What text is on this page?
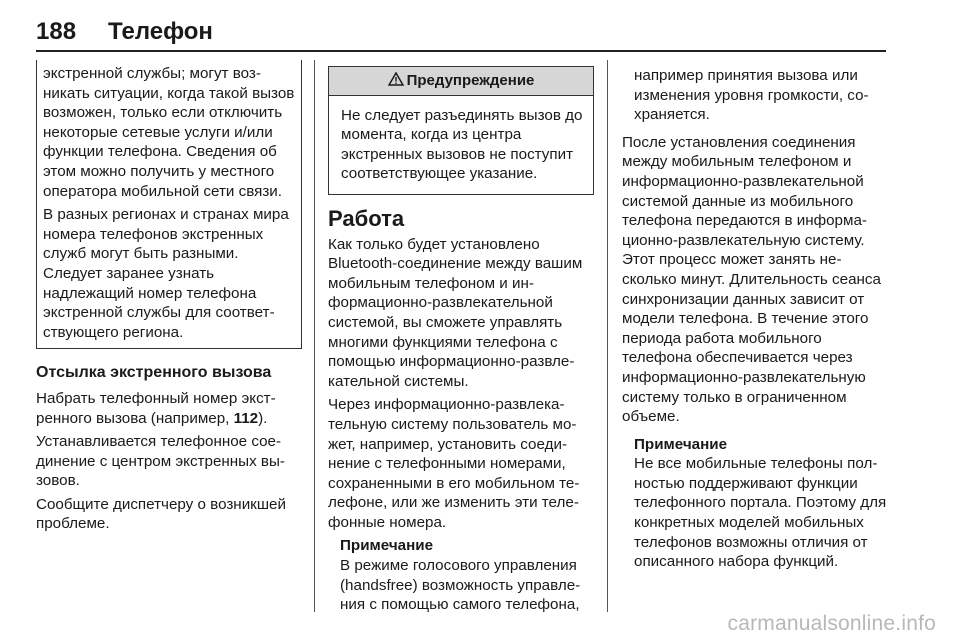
188 Телефон

экстренной службы; могут возникать ситуации, когда такой вызов возможен, только если отключить некоторые сетевые услуги и/или функции телефона. Сведения об этом можно получить у местного оператора мобильной сети связи.

В разных регионах и странах мира номера телефонов экстренных служб могут быть разными. Следует заранее узнать надлежащий номер телефона экстренной службы для соответствующего региона.

Отсылка экстренного вызова

Набрать телефонный номер экстренного вызова (например, 112).

Устанавливается телефонное соединение с центром экстренных вызовов.

Сообщите диспетчеру о возникшей проблеме.

Предупреждение
Не следует разъединять вызов до момента, когда из центра экстренных вызовов не поступит соответствующее указание.
Работа

Как только будет установлено Bluetooth-соединение между вашим мобильным телефоном и информационно-развлекательной системой, вы сможете управлять многими функциями телефона с помощью информационно-развлекательной системы.

Через информационно-развлекательную систему пользователь может, например, установить соединение с телефонными номерами, сохраненными в его мобильном телефоне, или же изменить эти телефонные номера.

Примечание
В режиме голосового управления (handsfree) возможность управления с помощью самого телефона,
например принятия вызова или изменения уровня громкости, сохраняется.

После установления соединения между мобильным телефоном и информационно-развлекательной системой данные из мобильного телефона передаются в информационно-развлекательную систему. Этот процесс может занять несколько минут. Длительность сеанса синхронизации данных зависит от модели телефона. В течение этого периода работа мобильного телефона обеспечивается через информационно-развлекательную систему только в ограниченном объеме.

Примечание
Не все мобильные телефоны полностью поддерживают функции телефонного портала. Поэтому для конкретных моделей мобильных телефонов возможны отличия от описанного набора функций.
carmanualsonline.info
